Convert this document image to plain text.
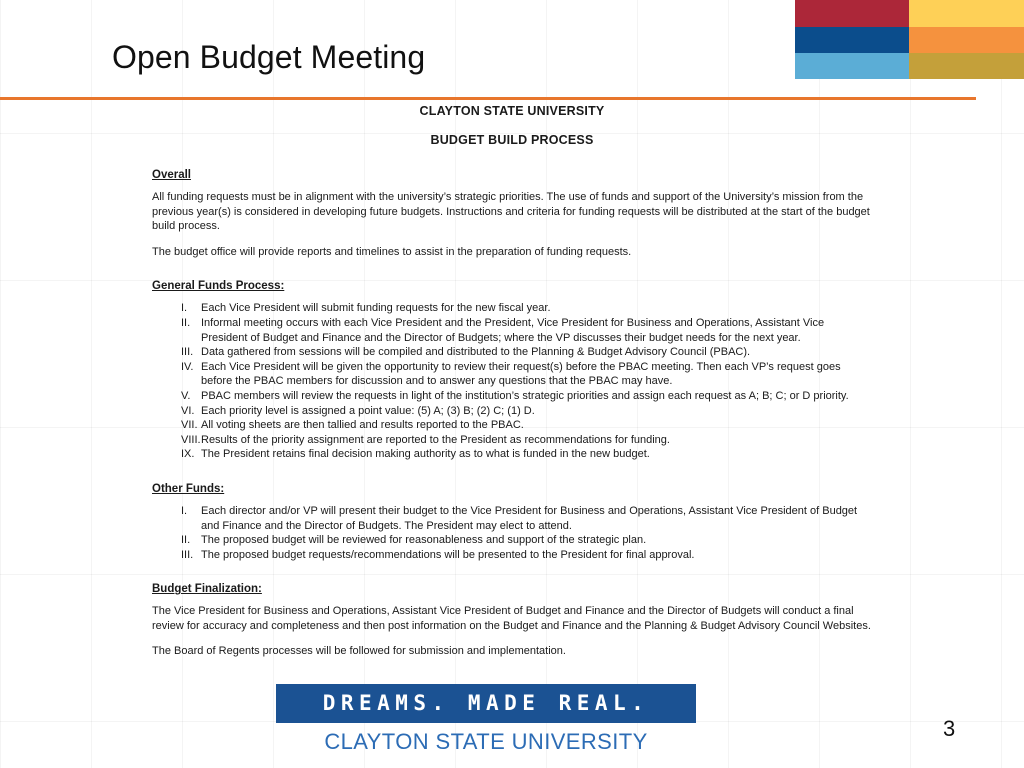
Open Budget Meeting
CLAYTON STATE UNIVERSITY
BUDGET BUILD PROCESS
Overall

All funding requests must be in alignment with the university’s strategic priorities. The use of funds and support of the University’s mission from the previous year(s) is considered in developing future budgets. Instructions and criteria for funding requests will be distributed at the start of the budget build process.

The budget office will provide reports and timelines to assist in the preparation of funding requests.

General Funds Process:
I.	Each Vice President will submit funding requests for the new fiscal year.
II. Informal meeting occurs with each Vice President and the President, Vice President for Business and Operations, Assistant Vice President of Budget and Finance and the Director of Budgets; where the VP discusses their budget needs for the next year.
III. Data gathered from sessions will be compiled and distributed to the Planning & Budget Advisory Council (PBAC).
IV. Each Vice President will be given the opportunity to review their request(s) before the PBAC meeting. Then each VP’s request goes before the PBAC members for discussion and to answer any questions that the PBAC may have.
V. PBAC members will review the requests in light of the institution’s strategic priorities and assign each request as A; B; C; or D priority.
VI. Each priority level is assigned a point value: (5) A; (3) B; (2) C; (1) D.
VII. All voting sheets are then tallied and results reported to the PBAC.
VIII. Results of the priority assignment are reported to the President as recommendations for funding.
IX. The President retains final decision making authority as to what is funded in the new budget.
Other Funds:
I.	Each director and/or VP will present their budget to the Vice President for Business and Operations, Assistant Vice President of Budget and Finance and the Director of Budgets. The President may elect to attend.
II. The proposed budget will be reviewed for reasonableness and support of the strategic plan.
III. The proposed budget requests/recommendations will be presented to the President for final approval.
Budget Finalization:

The Vice President for Business and Operations, Assistant Vice President of Budget and Finance and the Director of Budgets will conduct a final review for accuracy and completeness and then post information on the Budget and Finance and the Planning & Budget Advisory Council Websites.

The Board of Regents processes will be followed for submission and implementation.

DREAMS. MADE REAL.
CLAYTON STATE UNIVERSITY
3
